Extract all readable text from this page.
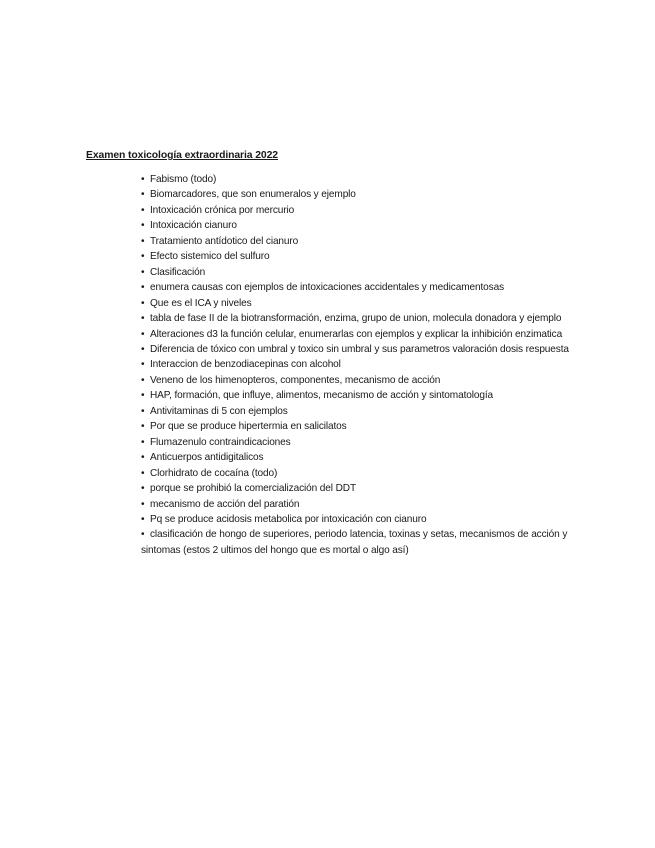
Examen toxicología extraordinaria 2022
• Fabismo (todo)
• Biomarcadores, que son enumeralos y ejemplo
• Intoxicación crónica por mercurio
• Intoxicación cianuro
• Tratamiento antídotico del cianuro
• Efecto sistemico del sulfuro
• Clasificación
• enumera causas con ejemplos de intoxicaciones accidentales y medicamentosas
• Que es el ICA y niveles
• tabla de fase II de la biotransformación, enzima, grupo de union, molecula donadora y ejemplo
• Alteraciones d3 la función celular, enumerarlas con ejemplos y explicar la inhibición enzimatica
• Diferencia de tóxico con umbral y toxico sin umbral y sus parametros valoración dosis respuesta
• Interaccion de benzodiacepinas con alcohol
• Veneno de los himenopteros, componentes, mecanismo de acción
• HAP, formación, que influye, alimentos, mecanismo de acción y sintomatología
• Antivitaminas di 5 con ejemplos
• Por que se produce hipertermia en salicilatos
• Flumazenulo contraindicaciones
• Anticuerpos antidigitalicos
• Clorhidrato de cocaína (todo)
• porque se prohibió la comercialización del DDT
• mecanismo de acción del paratión
• Pq se produce acidosis metabolica por intoxicación con cianuro
• clasificación de hongo de superiores, periodo latencia, toxinas y setas, mecanismos de acción y sintomas (estos 2 ultimos del hongo que es mortal o algo así)
